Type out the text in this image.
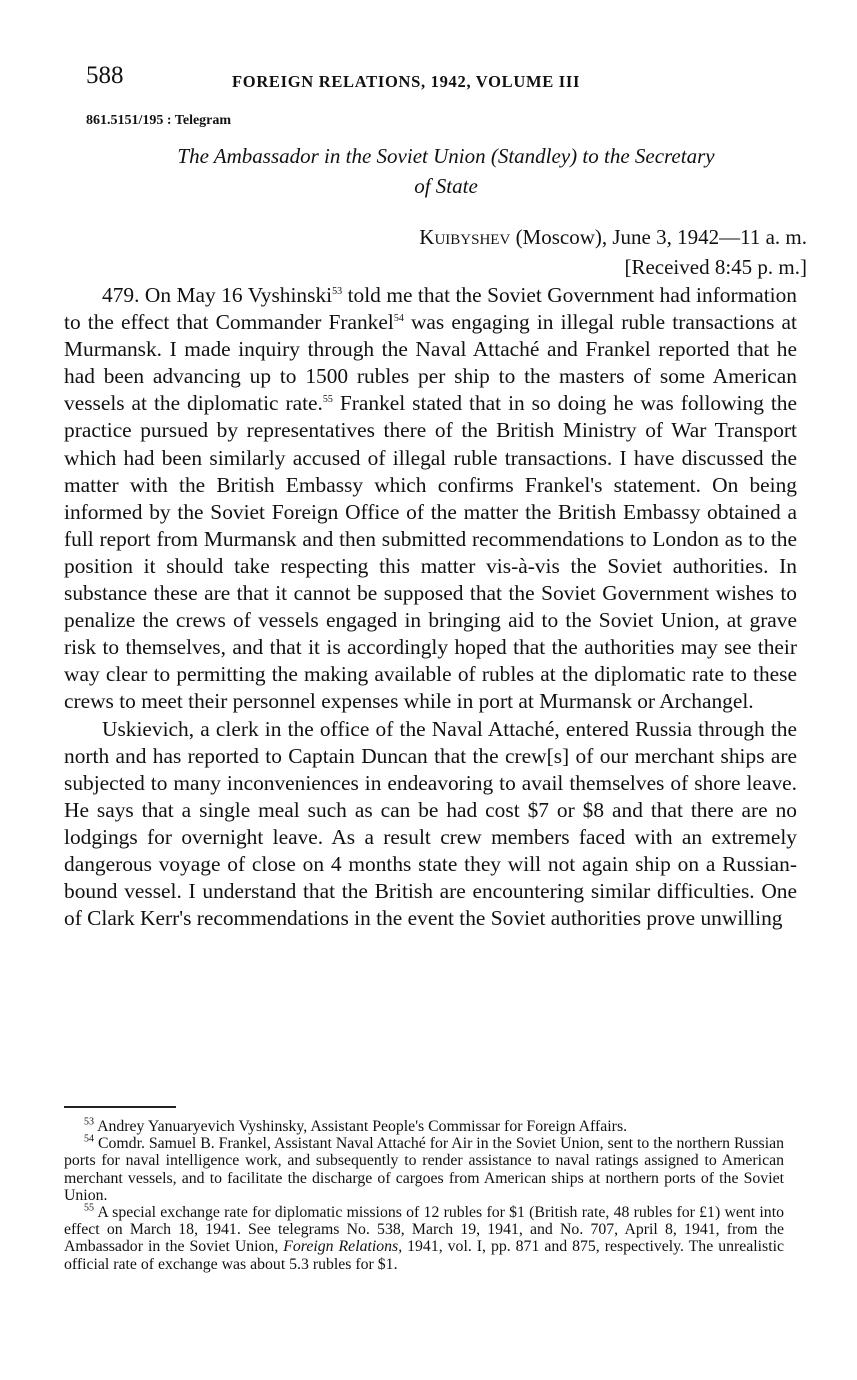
588	FOREIGN RELATIONS, 1942, VOLUME III
861.5151/195 : Telegram
The Ambassador in the Soviet Union (Standley) to the Secretary
of State
Kuibyshev (Moscow), June 3, 1942—11 a. m.
[Received 8:45 p. m.]

479. On May 16 Vyshinski$^{53}$ told me that the Soviet Government had information to the effect that Commander Frankel$^{54}$ was engaging in illegal ruble transactions at Murmansk. I made inquiry through the Naval Attaché and Frankel reported that he had been advancing up to 1500 rubles per ship to the masters of some American vessels at the diplomatic rate.$^{55}$ Frankel stated that in so doing he was following the practice pursued by representatives there of the British Ministry of War Transport which had been similarly accused of illegal ruble transactions. I have discussed the matter with the British Embassy which confirms Frankel's statement. On being informed by the Soviet Foreign Office of the matter the British Embassy obtained a full report from Murmansk and then submitted recommendations to London as to the position it should take respecting this matter vis-à-vis the Soviet authorities. In substance these are that it cannot be supposed that the Soviet Government wishes to penalize the crews of vessels engaged in bringing aid to the Soviet Union, at grave risk to themselves, and that it is accordingly hoped that the authorities may see their way clear to permitting the making available of rubles at the diplomatic rate to these crews to meet their personnel expenses while in port at Murmansk or Archangel.

Uskievich, a clerk in the office of the Naval Attaché, entered Russia through the north and has reported to Captain Duncan that the crew[s] of our merchant ships are subjected to many inconveniences in endeavoring to avail themselves of shore leave. He says that a single meal such as can be had cost $7 or $8 and that there are no lodgings for overnight leave. As a result crew members faced with an extremely dangerous voyage of close on 4 months state they will not again ship on a Russian-bound vessel. I understand that the British are encountering similar difficulties. One of Clark Kerr's recommendations in the event the Soviet authorities prove unwilling

$^{53}$ Andrey Yanuaryevich Vyshinsky, Assistant People's Commissar for Foreign Affairs.

$^{54}$ Comdr. Samuel B. Frankel, Assistant Naval Attaché for Air in the Soviet Union, sent to the northern Russian ports for naval intelligence work, and subsequently to render assistance to naval ratings assigned to American merchant vessels, and to facilitate the discharge of cargoes from American ships at northern ports of the Soviet Union.

$^{55}$ A special exchange rate for diplomatic missions of 12 rubles for $1 (British rate, 48 rubles for £1) went into effect on March 18, 1941. See telegrams No. 538, March 19, 1941, and No. 707, April 8, 1941, from the Ambassador in the Soviet Union, Foreign Relations, 1941, vol. I, pp. 871 and 875, respectively. The unrealistic official rate of exchange was about 5.3 rubles for $1.
